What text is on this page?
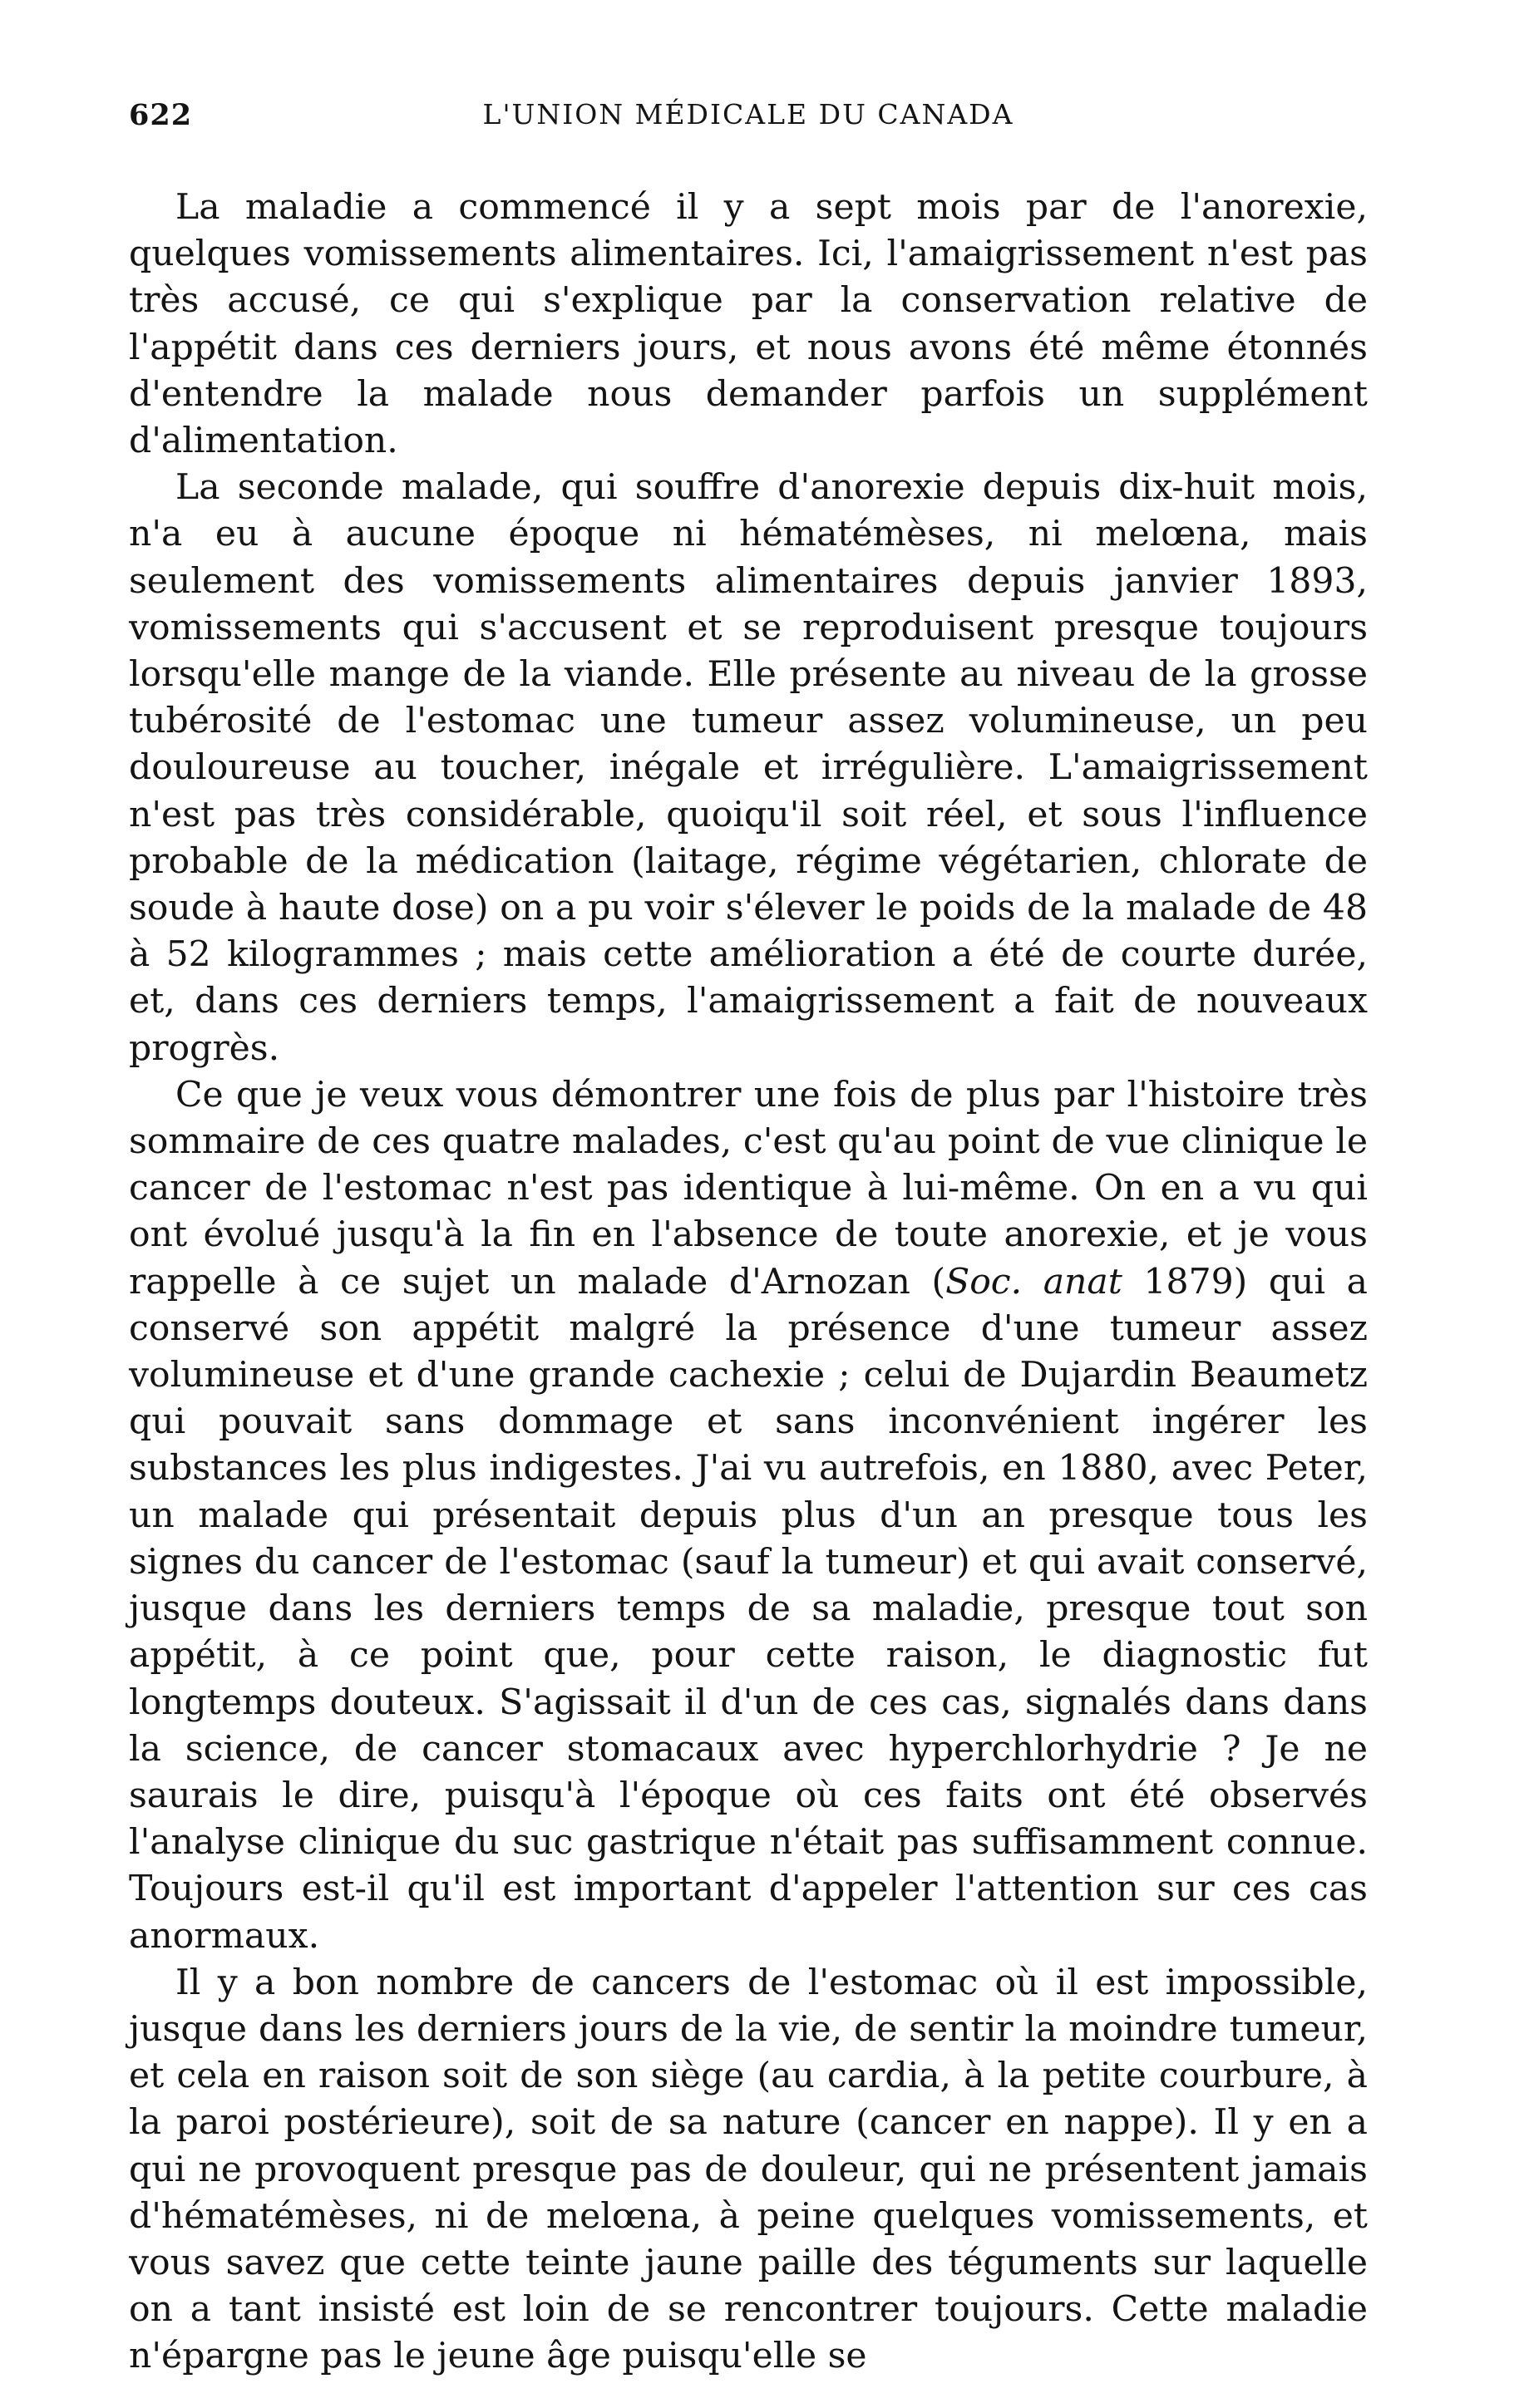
622	L'UNION MÉDICALE DU CANADA

La maladie a commencé il y a sept mois par de l'anorexie, quelques vomissements alimentaires. Ici, l'amaigrissement n'est pas très accusé, ce qui s'explique par la conservation relative de l'appétit dans ces derniers jours, et nous avons été même étonnés d'entendre la malade nous demander parfois un supplément d'alimentation.

La seconde malade, qui souffre d'anorexie depuis dix-huit mois, n'a eu à aucune époque ni hématémèses, ni melœna, mais seulement des vomissements alimentaires depuis janvier 1893, vomissements qui s'accusent et se reproduisent presque toujours lorsqu'elle mange de la viande. Elle présente au niveau de la grosse tubérosité de l'estomac une tumeur assez volumineuse, un peu douloureuse au toucher, inégale et irrégulière. L'amaigrissement n'est pas très considérable, quoiqu'il soit réel, et sous l'influence probable de la médication (laitage, régime végétarien, chlorate de soude à haute dose) on a pu voir s'élever le poids de la malade de 48 à 52 kilogrammes ; mais cette amélioration a été de courte durée, et, dans ces derniers temps, l'amaigrissement a fait de nouveaux progrès.

Ce que je veux vous démontrer une fois de plus par l'histoire très sommaire de ces quatre malades, c'est qu'au point de vue clinique le cancer de l'estomac n'est pas identique à lui-même. On en a vu qui ont évolué jusqu'à la fin en l'absence de toute anorexie, et je vous rappelle à ce sujet un malade d'Arnozan (Soc. anat 1879) qui a conservé son appétit malgré la présence d'une tumeur assez volumineuse et d'une grande cachexie ; celui de Dujardin Beaumetz qui pouvait sans dommage et sans inconvénient ingérer les substances les plus indigestes. J'ai vu autrefois, en 1880, avec Peter, un malade qui présentait depuis plus d'un an presque tous les signes du cancer de l'estomac (sauf la tumeur) et qui avait conservé, jusque dans les derniers temps de sa maladie, presque tout son appétit, à ce point que, pour cette raison, le diagnostic fut longtemps douteux. S'agissait il d'un de ces cas, signalés dans dans la science, de cancer stomacaux avec hyperchlorhydrie ? Je ne saurais le dire, puisqu'à l'époque où ces faits ont été observés l'analyse clinique du suc gastrique n'était pas suffisamment connue. Toujours est-il qu'il est important d'appeler l'attention sur ces cas anormaux.

Il y a bon nombre de cancers de l'estomac où il est impossible, jusque dans les derniers jours de la vie, de sentir la moindre tumeur, et cela en raison soit de son siège (au cardia, à la petite courbure, à la paroi postérieure), soit de sa nature (cancer en nappe). Il y en a qui ne provoquent presque pas de douleur, qui ne présentent jamais d'hématémèses, ni de melœna, à peine quelques vomissements, et vous savez que cette teinte jaune paille des téguments sur laquelle on a tant insisté est loin de se rencontrer toujours. Cette maladie n'épargne pas le jeune âge puisqu'elle se
